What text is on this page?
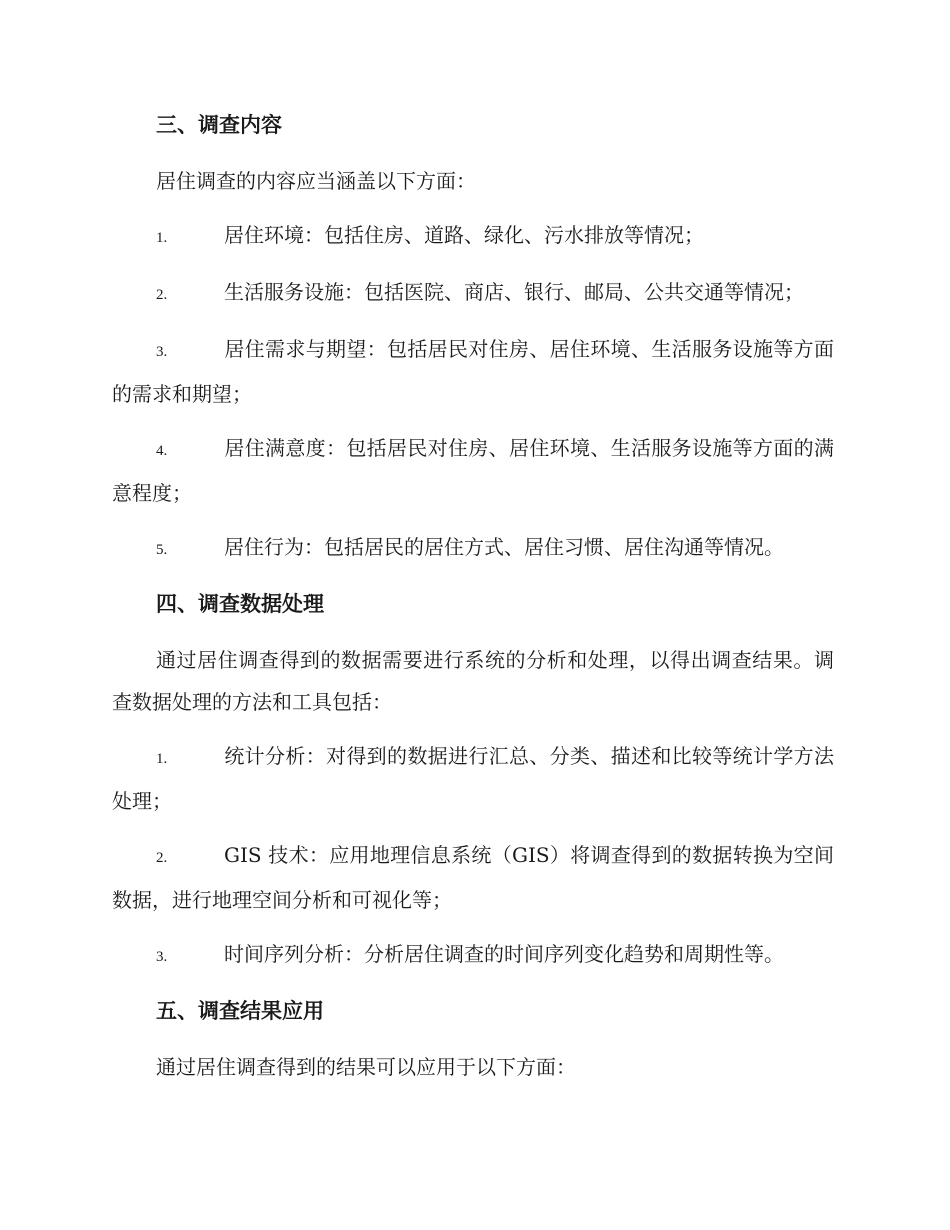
三、调查内容
居住调查的内容应当涵盖以下方面：
1.	居住环境：包括住房、道路、绿化、污水排放等情况；
2.	生活服务设施：包括医院、商店、银行、邮局、公共交通等情况；
3.	居住需求与期望：包括居民对住房、居住环境、生活服务设施等方面的需求和期望；
4.	居住满意度：包括居民对住房、居住环境、生活服务设施等方面的满意程度；
5.	居住行为：包括居民的居住方式、居住习惯、居住沟通等情况。
四、调查数据处理
通过居住调查得到的数据需要进行系统的分析和处理，以得出调查结果。调查数据处理的方法和工具包括：
1.	统计分析：对得到的数据进行汇总、分类、描述和比较等统计学方法处理；
2.	GIS 技术：应用地理信息系统（GIS）将调查得到的数据转换为空间数据，进行地理空间分析和可视化等；
3.	时间序列分析：分析居住调查的时间序列变化趋势和周期性等。
五、调查结果应用
通过居住调查得到的结果可以应用于以下方面：
